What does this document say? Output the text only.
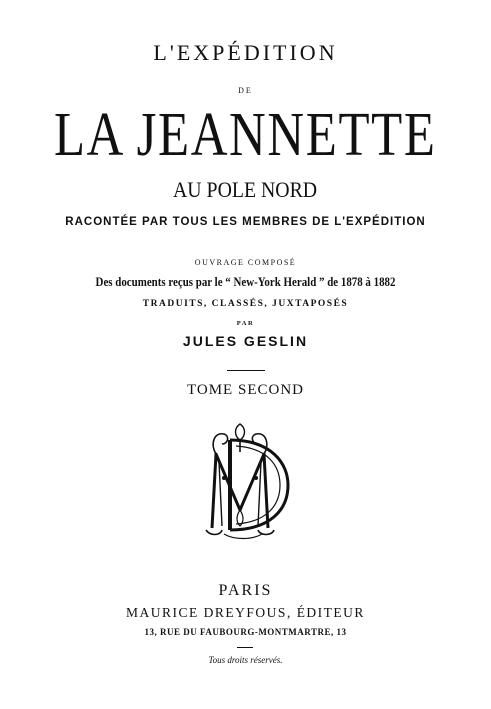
L'EXPÉDITION
DE
LA JEANNETTE
AU POLE NORD
RACONTÉE PAR TOUS LES MEMBRES DE L'EXPÉDITION
OUVRAGE COMPOSÉ
Des documents reçus par le “ New-York Herald ” de 1878 à 1882
TRADUITS, CLASSÉS, JUXTAPOSÉS
PAR
JULES GESLIN
TOME SECOND
PARIS
MAURICE DREYFOUS, ÉDITEUR
13, RUE DU FAUBOURG-MONTMARTRE, 13
Tous droits réservés.
